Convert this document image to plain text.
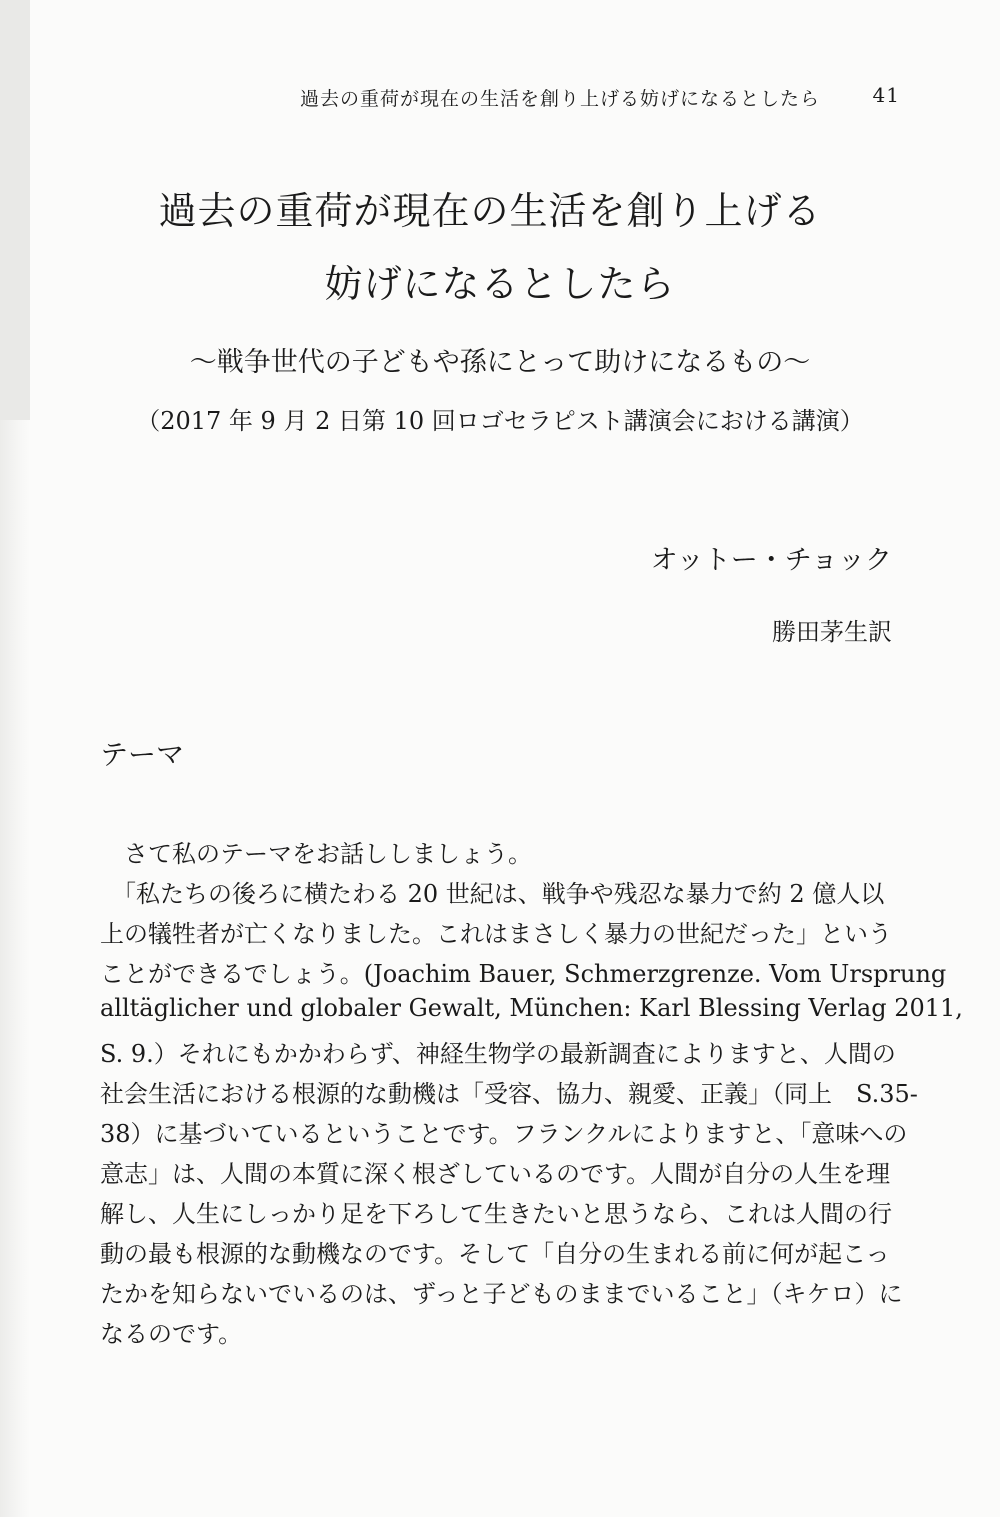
過去の重荷が現在の生活を創り上げる妨げになるとしたら	41
過去の重荷が現在の生活を創り上げる
妨げになるとしたら
～戦争世代の子どもや孫にとって助けになるもの～
（2017 年 9 月 2 日第 10 回ロゴセラピスト講演会における講演）
オットー・チョック
勝田茅生訳
テーマ
　さて私のテーマをお話ししましょう。
　「私たちの後ろに横たわる 20 世紀は、戦争や残忍な暴力で約 2 億人以
上の犠牲者が亡くなりました。これはまさしく暴力の世紀だった」という
ことができるでしょう。(Joachim Bauer, Schmerzgrenze. Vom Ursprung
alltäglicher und globaler Gewalt, München: Karl Blessing Verlag 2011,
S. 9.）それにもかかわらず、神経生物学の最新調査によりますと、人間の
社会生活における根源的な動機は「受容、協力、親愛、正義」（同上　S.35-
38）に基づいているということです。フランクルによりますと、「意味への
意志」は、人間の本質に深く根ざしているのです。人間が自分の人生を理
解し、人生にしっかり足を下ろして生きたいと思うなら、これは人間の行
動の最も根源的な動機なのです。そして「自分の生まれる前に何が起こっ
たかを知らないでいるのは、ずっと子どものままでいること」（キケロ）に
なるのです。
